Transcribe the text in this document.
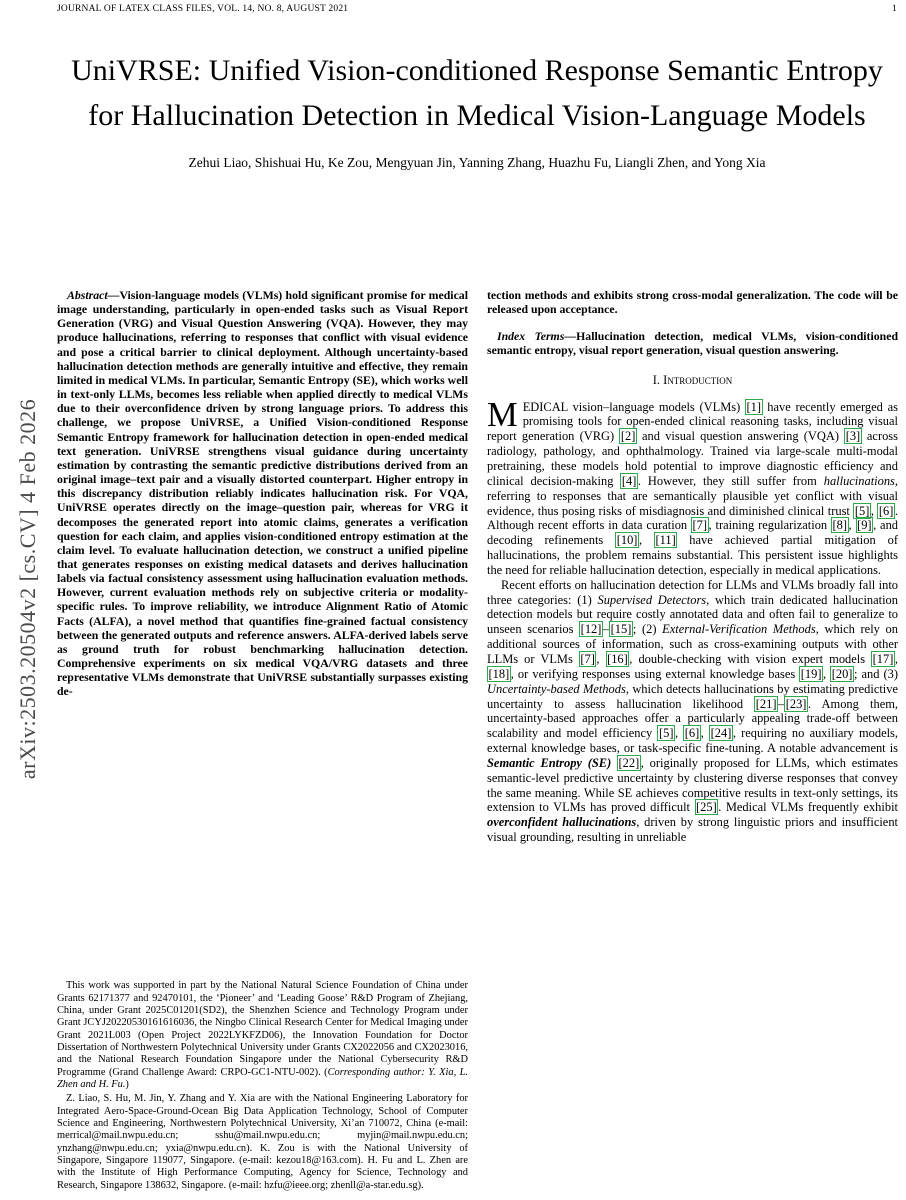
JOURNAL OF LATEX CLASS FILES, VOL. 14, NO. 8, AUGUST 2021	1
arXiv:2503.20504v2 [cs.CV] 4 Feb 2026
UniVRSE: Unified Vision-conditioned Response Semantic Entropy for Hallucination Detection in Medical Vision-Language Models
Zehui Liao, Shishuai Hu, Ke Zou, Mengyuan Jin, Yanning Zhang, Huazhu Fu, Liangli Zhen, and Yong Xia
Abstract—Vision-language models (VLMs) hold significant promise for medical image understanding, particularly in open-ended tasks such as Visual Report Generation (VRG) and Visual Question Answering (VQA). However, they may produce hallucinations, referring to responses that conflict with visual evidence and pose a critical barrier to clinical deployment. Although uncertainty-based hallucination detection methods are generally intuitive and effective, they remain limited in medical VLMs. In particular, Semantic Entropy (SE), which works well in text-only LLMs, becomes less reliable when applied directly to medical VLMs due to their overconfidence driven by strong language priors. To address this challenge, we propose UniVRSE, a Unified Vision-conditioned Response Semantic Entropy framework for hallucination detection in open-ended medical text generation. UniVRSE strengthens visual guidance during uncertainty estimation by contrasting the semantic predictive distributions derived from an original image–text pair and a visually distorted counterpart. Higher entropy in this discrepancy distribution reliably indicates hallucination risk. For VQA, UniVRSE operates directly on the image–question pair, whereas for VRG it decomposes the generated report into atomic claims, generates a verification question for each claim, and applies vision-conditioned entropy estimation at the claim level. To evaluate hallucination detection, we construct a unified pipeline that generates responses on existing medical datasets and derives hallucination labels via factual consistency assessment using hallucination evaluation methods. However, current evaluation methods rely on subjective criteria or modality-specific rules. To improve reliability, we introduce Alignment Ratio of Atomic Facts (ALFA), a novel method that quantifies fine-grained factual consistency between the generated outputs and reference answers. ALFA-derived labels serve as ground truth for robust benchmarking hallucination detection. Comprehensive experiments on six medical VQA/VRG datasets and three representative VLMs demonstrate that UniVRSE substantially surpasses existing de-

This work was supported in part by the National Natural Science Foundation of China under Grants 62171377 and 92470101, the ‘Pioneer’ and ‘Leading Goose’ R&D Program of Zhejiang, China, under Grant 2025C01201(SD2), the Shenzhen Science and Technology Program under Grant JCYJ20220530161616036, the Ningbo Clinical Research Center for Medical Imaging under Grant 2021L003 (Open Project 2022LYKFZD06), the Innovation Foundation for Doctor Dissertation of Northwestern Polytechnical University under Grants CX2022056 and CX2023016, and the National Research Foundation Singapore under the National Cybersecurity R&D Programme (Grand Challenge Award: CRPO-GC1-NTU-002). (Corresponding author: Y. Xia, L. Zhen and H. Fu.)

Z. Liao, S. Hu, M. Jin, Y. Zhang and Y. Xia are with the National Engineering Laboratory for Integrated Aero-Space-Ground-Ocean Big Data Application Technology, School of Computer Science and Engineering, Northwestern Polytechnical University, Xi’an 710072, China (e-mail: merrical@mail.nwpu.edu.cn; sshu@mail.nwpu.edu.cn; myjin@mail.nwpu.edu.cn; ynzhang@nwpu.edu.cn; yxia@nwpu.edu.cn). K. Zou is with the National University of Singapore, Singapore 119077, Singapore. (e-mail: kezou18@163.com). H. Fu and L. Zhen are with the Institute of High Performance Computing, Agency for Science, Technology and Research, Singapore 138632, Singapore. (e-mail: hzfu@ieee.org; zhenll@a-star.edu.sg).

tection methods and exhibits strong cross-modal generalization. The code will be released upon acceptance.
Index Terms—Hallucination detection, medical VLMs, vision-conditioned semantic entropy, visual report generation, visual question answering.
I. Introduction

MEDICAL vision–language models (VLMs) [1] have recently emerged as promising tools for open-ended clinical reasoning tasks, including visual report generation (VRG) [2] and visual question answering (VQA) [3] across radiology, pathology, and ophthalmology. Trained via large-scale multi-modal pretraining, these models hold potential to improve diagnostic efficiency and clinical decision-making [4] . However, they still suffer from hallucinations, referring to responses that are semantically plausible yet conflict with visual evidence, thus posing risks of misdiagnosis and diminished clinical trust [5] , [6] . Although recent efforts in data curation [7] , training regularization [8] , [9] , and decoding refinements [10] , [11] have achieved partial mitigation of hallucinations, the problem remains substantial. This persistent issue highlights the need for reliable hallucination detection, especially in medical applications.

Recent efforts on hallucination detection for LLMs and VLMs broadly fall into three categories: (1) Supervised Detectors, which train dedicated hallucination detection models but require costly annotated data and often fail to generalize to unseen scenarios [12] – [15] ; (2) External-Verification Methods, which rely on additional sources of information, such as cross-examining outputs with other LLMs or VLMs [7] , [16] , double-checking with vision expert models [17] , [18] , or verifying responses using external knowledge bases [19] , [20] ; and (3) Uncertainty-based Methods, which detects hallucinations by estimating predictive uncertainty to assess hallucination likelihood [21] – [23] . Among them, uncertainty-based approaches offer a particularly appealing trade-off between scalability and model efficiency [5] , [6] , [24] , requiring no auxiliary models, external knowledge bases, or task-specific fine-tuning. A notable advancement is Semantic Entropy (SE) [22] , originally proposed for LLMs, which estimates semantic-level predictive uncertainty by clustering diverse responses that convey the same meaning. While SE achieves competitive results in text-only settings, its extension to VLMs has proved difficult [25] . Medical VLMs frequently exhibit overconfident hallucinations, driven by strong linguistic priors and insufficient visual grounding, resulting in unreliable
